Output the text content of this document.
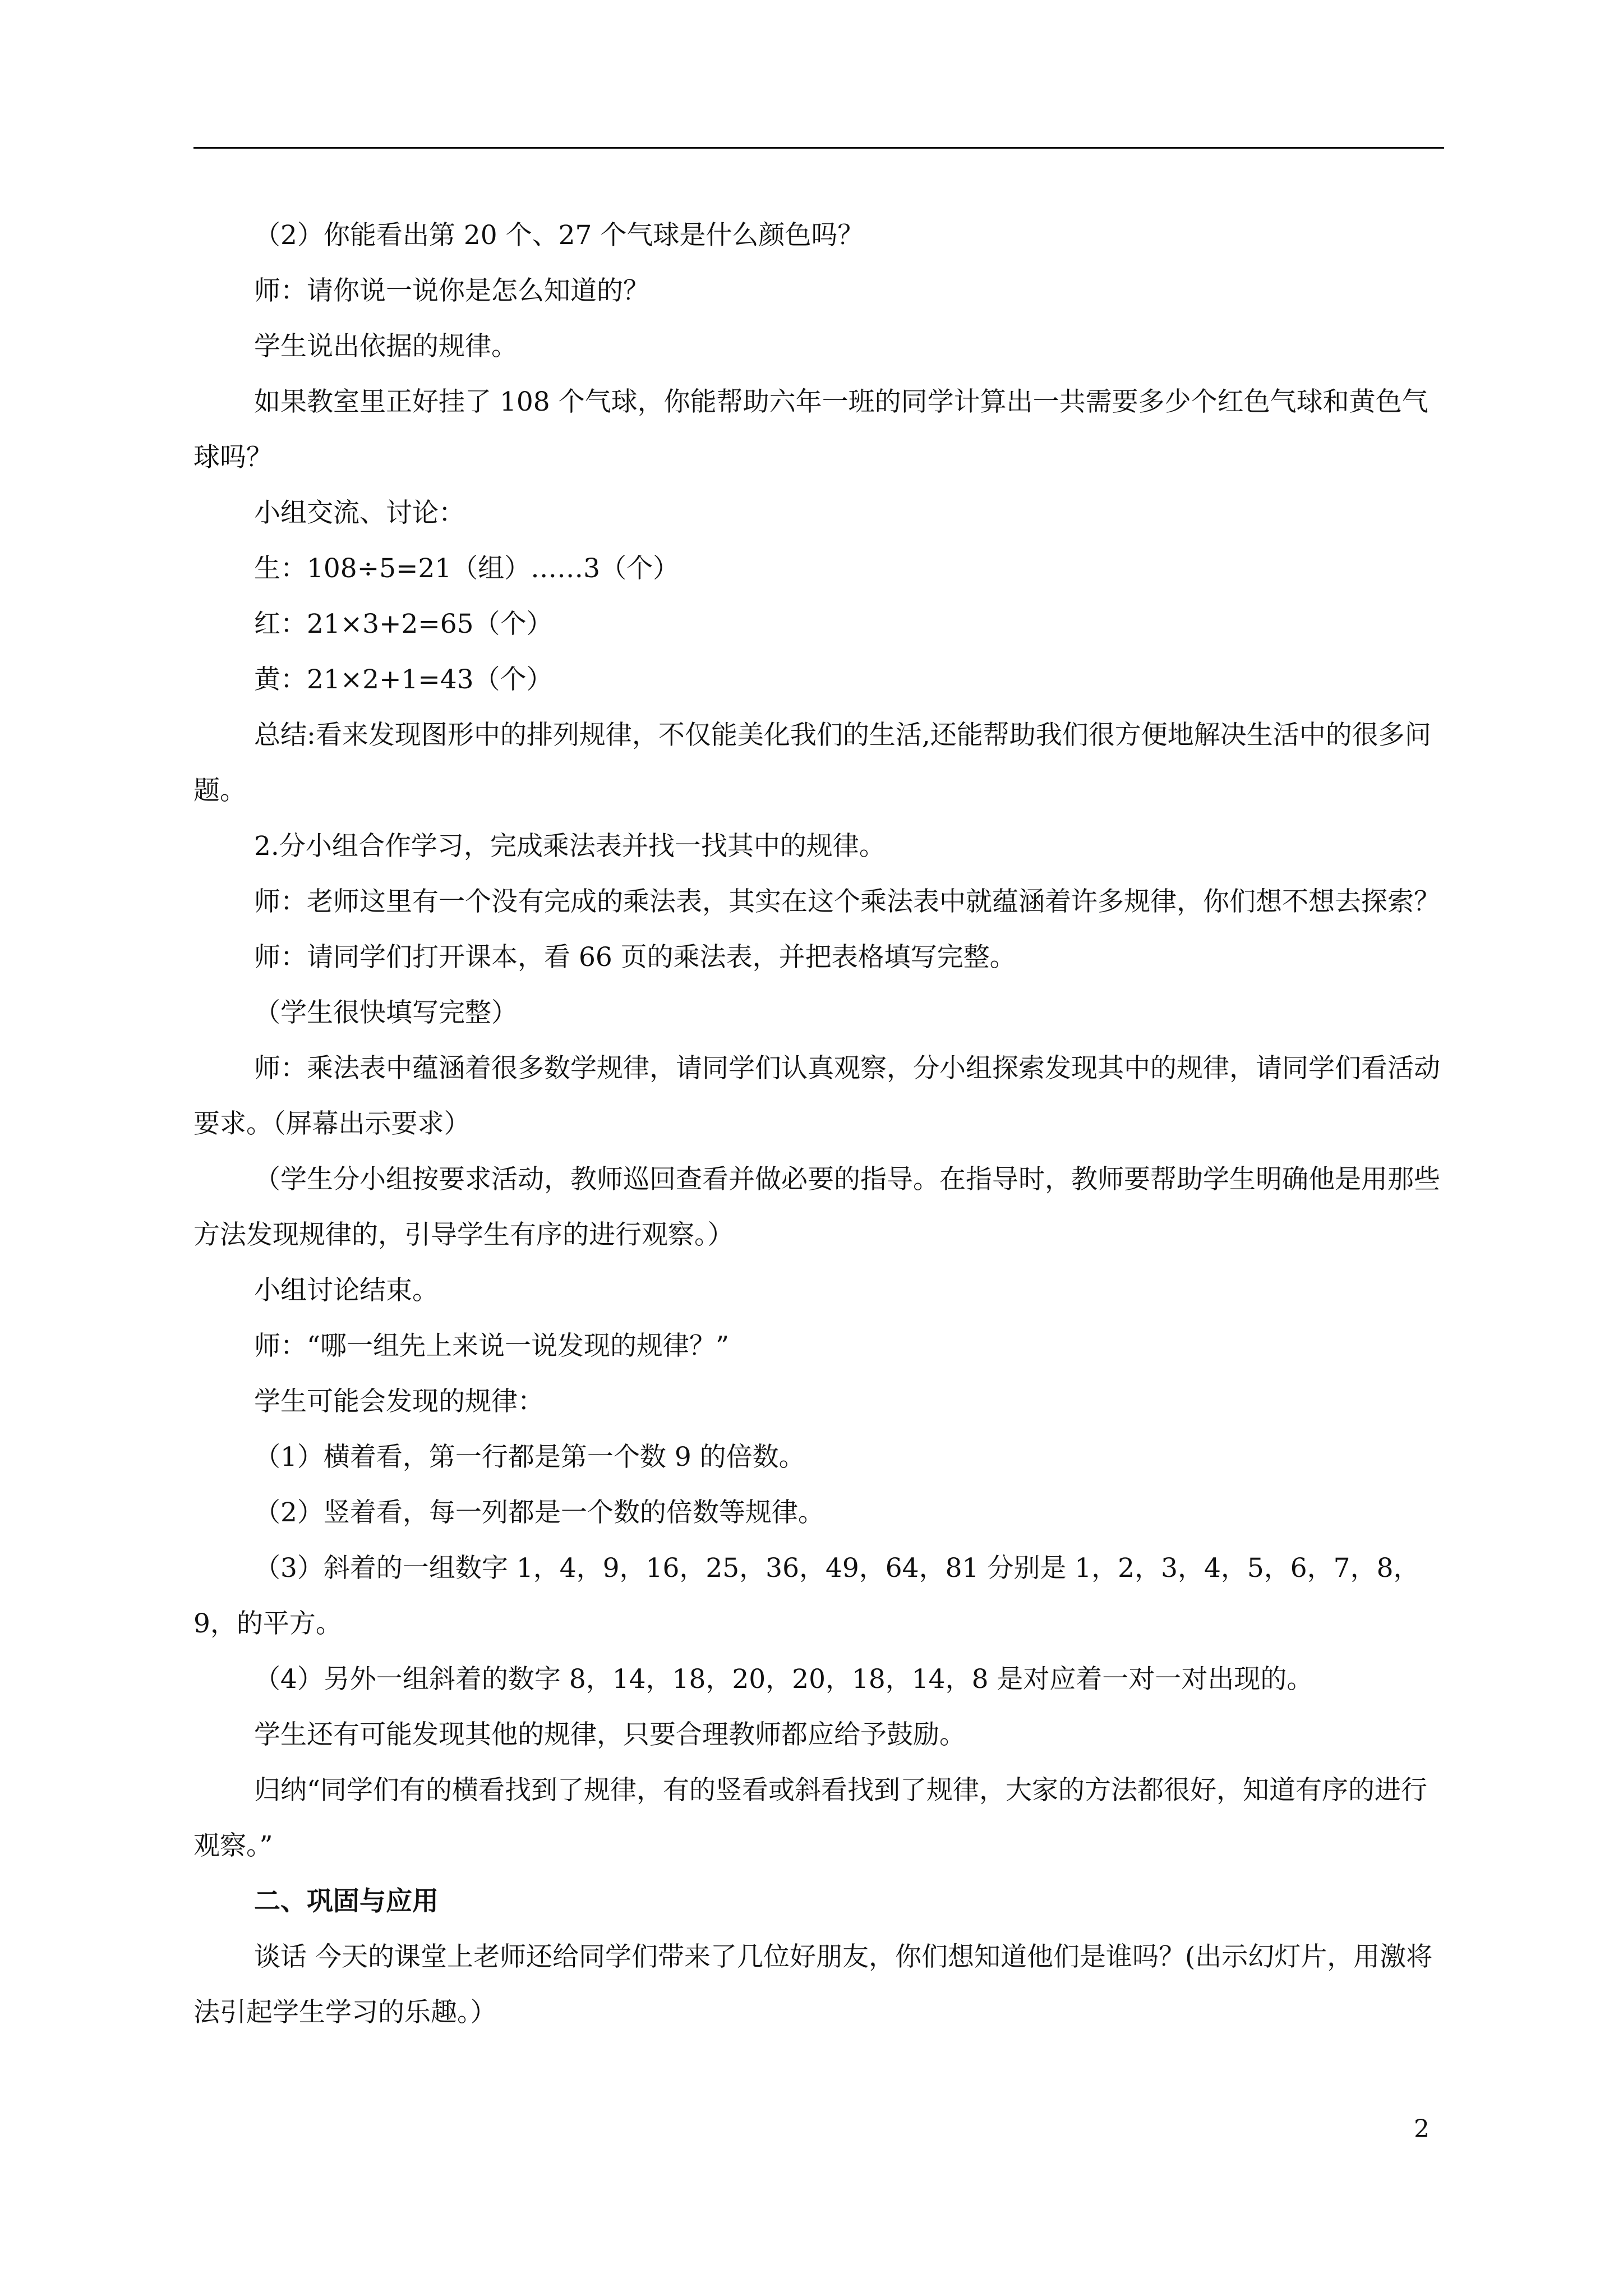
（2）你能看出第 20 个、27 个气球是什么颜色吗？

师：请你说一说你是怎么知道的？

学生说出依据的规律。

如果教室里正好挂了 108 个气球，你能帮助六年一班的同学计算出一共需要多少个红色气球和黄色气球吗？

小组交流、讨论：

生：108÷5=21（组）……3（个）

红：21×3+2=65（个）

黄：21×2+1=43（个）

总结:看来发现图形中的排列规律，不仅能美化我们的生活,还能帮助我们很方便地解决生活中的很多问题。

2.分小组合作学习，完成乘法表并找一找其中的规律。

师：老师这里有一个没有完成的乘法表，其实在这个乘法表中就蕴涵着许多规律，你们想不想去探索？

师：请同学们打开课本，看 66 页的乘法表，并把表格填写完整。

（学生很快填写完整）

师：乘法表中蕴涵着很多数学规律，请同学们认真观察，分小组探索发现其中的规律，请同学们看活动要求。（屏幕出示要求）

（学生分小组按要求活动，教师巡回查看并做必要的指导。在指导时，教师要帮助学生明确他是用那些方法发现规律的，引导学生有序的进行观察。）

小组讨论结束。

师：“哪一组先上来说一说发现的规律？”

学生可能会发现的规律：

（1）横着看，第一行都是第一个数 9 的倍数。

（2）竖着看，每一列都是一个数的倍数等规律。

（3）斜着的一组数字 1，4，9，16，25，36，49，64，81 分别是 1，2，3，4，5，6，7，8，9，的平方。

（4）另外一组斜着的数字 8，14，18，20，20，18，14，8 是对应着一对一对出现的。

学生还有可能发现其他的规律，只要合理教师都应给予鼓励。

归纳“同学们有的横看找到了规律，有的竖看或斜看找到了规律，大家的方法都很好，知道有序的进行观察。”

二、巩固与应用

谈话 今天的课堂上老师还给同学们带来了几位好朋友，你们想知道他们是谁吗？(出示幻灯片，用激将法引起学生学习的乐趣。）

2
